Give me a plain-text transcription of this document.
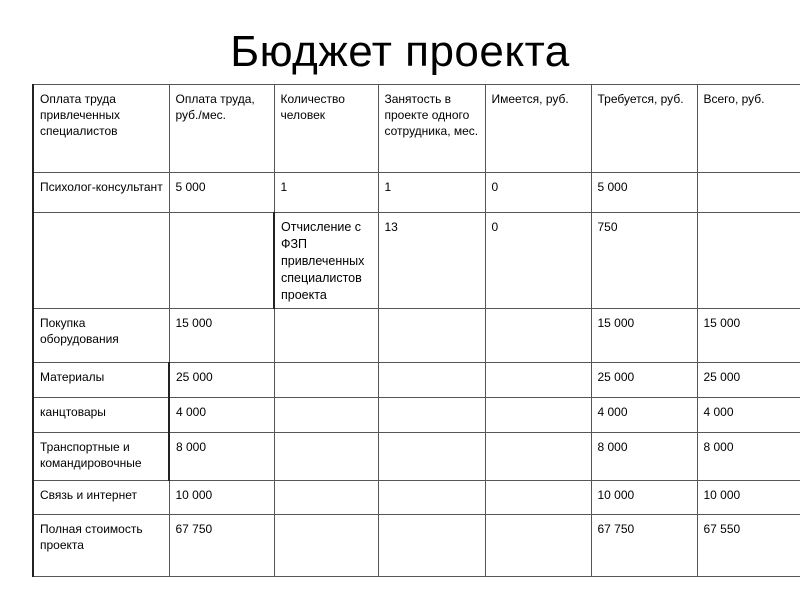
Бюджет проекта
Оплата труда привлеченных специалистов	Оплата труда, руб./мес.	Количество человек	Занятость в проекте одного сотрудника, мес.	Имеется, руб.	Требуется, руб.	Всего, руб.
Психолог-консультант	5 000	1	1	0	5 000	
		Отчисление с ФЗП привлеченных специалистов проекта	13	0	750	
Покупка оборудования	15 000				15 000	15 000
Материалы	25 000				25 000	25 000
канцтовары	4 000				4 000	4 000
Транспортные и командировочные	8 000				8 000	8 000
Связь и интернет	10 000				10 000	10 000
Полная стоимость проекта	67 750				67 750	67 550
